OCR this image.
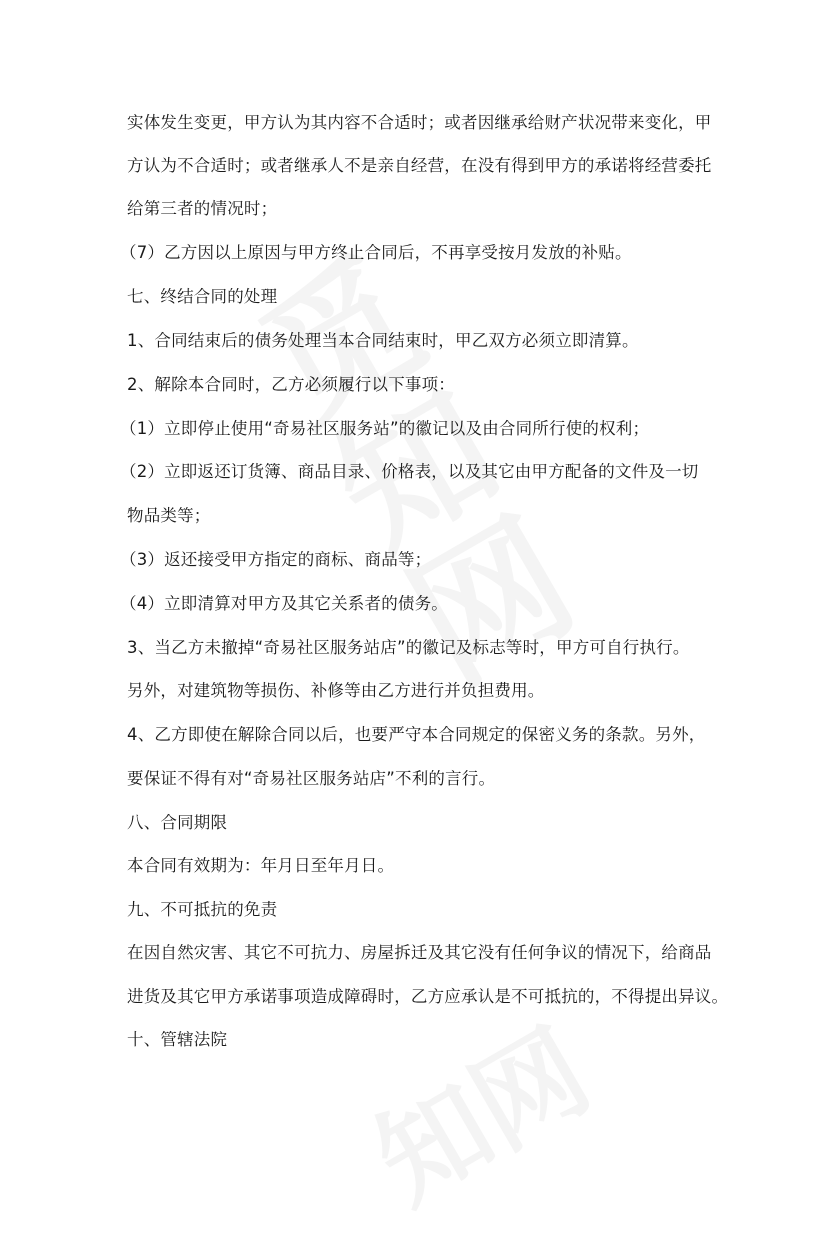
实体发生变更，甲方认为其内容不合适时；或者因继承给财产状况带来变化，甲
方认为不合适时；或者继承人不是亲自经营，在没有得到甲方的承诺将经营委托
给第三者的情况时；
（7）乙方因以上原因与甲方终止合同后，不再享受按月发放的补贴。
七、终结合同的处理
1、合同结束后的债务处理当本合同结束时，甲乙双方必须立即清算。
2、解除本合同时，乙方必须履行以下事项：
（1）立即停止使用“奇易社区服务站”的徽记以及由合同所行使的权利；
（2）立即返还订货簿、商品目录、价格表，以及其它由甲方配备的文件及一切
物品类等；
（3）返还接受甲方指定的商标、商品等；
（4）立即清算对甲方及其它关系者的债务。
3、当乙方未撤掉“奇易社区服务站店”的徽记及标志等时，甲方可自行执行。
另外，对建筑物等损伤、补修等由乙方进行并负担费用。
4、乙方即使在解除合同以后，也要严守本合同规定的保密义务的条款。另外，
要保证不得有对“奇易社区服务站店”不利的言行。
八、合同期限
本合同有效期为：年月日至年月日。
九、不可抵抗的免责
在因自然灾害、其它不可抗力、房屋拆迁及其它没有任何争议的情况下，给商品
进货及其它甲方承诺事项造成障碍时，乙方应承认是不可抵抗的，不得提出异议。
十、管辖法院
